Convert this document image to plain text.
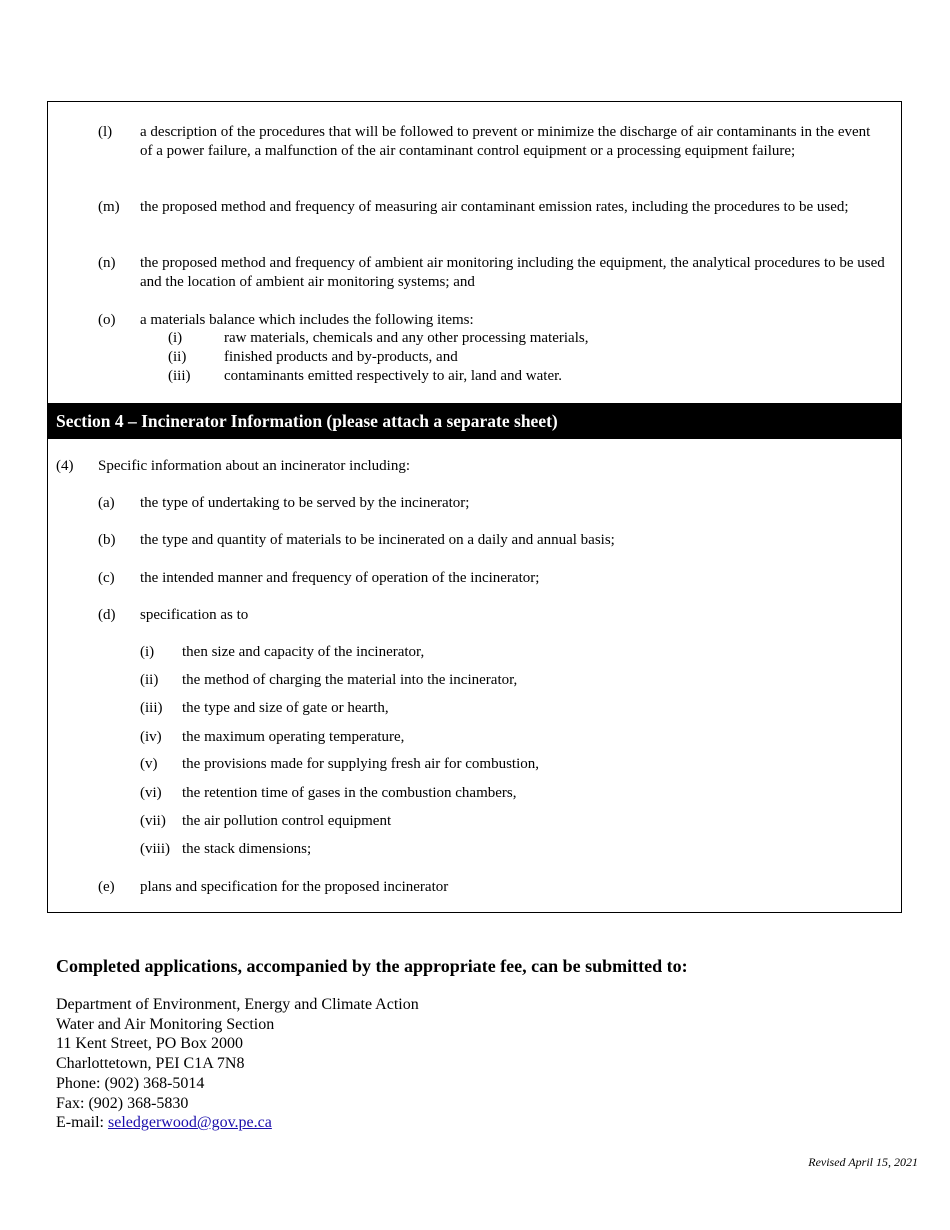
(l) a description of the procedures that will be followed to prevent or minimize the discharge of air contaminants in the event of a power failure, a malfunction of the air contaminant control equipment or a processing equipment failure;
(m) the proposed method and frequency of measuring air contaminant emission rates, including the procedures to be used;
(n) the proposed method and frequency of ambient air monitoring including the equipment, the analytical procedures to be used and the location of ambient air monitoring systems; and
(o) a materials balance which includes the following items:
(i)	raw materials, chemicals and any other processing materials,
(ii)	finished products and by-products, and
(iii) contaminants emitted respectively to air, land and water.
Section 4 – Incinerator Information (please attach a separate sheet)
(4) Specific information about an incinerator including:
(a) the type of undertaking to be served by the incinerator;
(b) the type and quantity of materials to be incinerated on a daily and annual basis;
(c) the intended manner and frequency of operation of the incinerator;
(d) specification as to
(i) then size and capacity of the incinerator,
(ii) the method of charging the material into the incinerator,
(iii) the type and size of gate or hearth,
(iv) the maximum operating temperature,
(v) the provisions made for supplying fresh air for combustion,
(vi) the retention time of gases in the combustion chambers,
(vii) the air pollution control equipment
(viii) the stack dimensions;
(e) plans and specification for the proposed incinerator
Completed applications, accompanied by the appropriate fee, can be submitted to:
Department of Environment, Energy and Climate Action
Water and Air Monitoring Section
11 Kent Street, PO Box 2000
Charlottetown, PEI C1A 7N8
Phone: (902) 368-5014
Fax: (902) 368-5830
E-mail: seledgerwood@gov.pe.ca
Revised April 15, 2021
